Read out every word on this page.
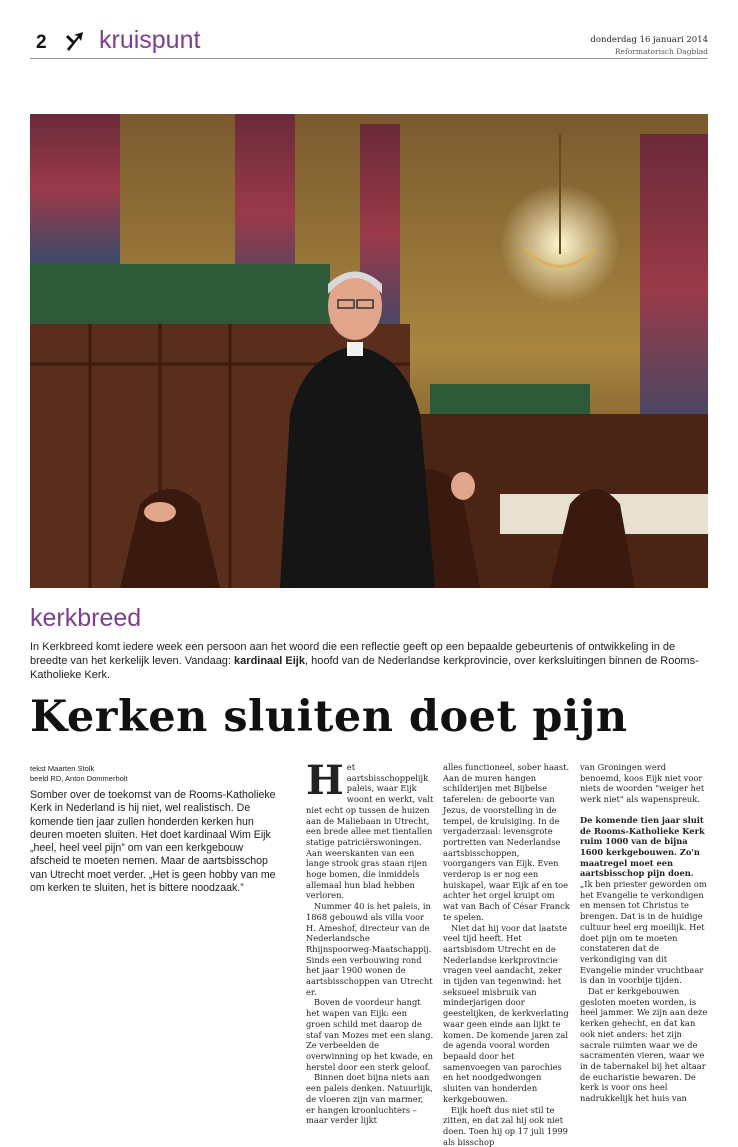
2 kruispunt	donderdag 16 januari 2014
Reformatorisch Dagblad
kerkbreed
In Kerkbreed komt iedere week een persoon aan het woord die een reflectie geeft op een bepaalde gebeurtenis of ontwikkeling in de breedte van het kerkelijk leven. Vandaag: kardinaal Eijk, hoofd van de Nederlandse kerkprovincie, over kerksluitingen binnen de Rooms-Katholieke Kerk.
Kerken sluiten doet pijn
tekst Maarten Stolk
beeld RD, Anton Dommerholt
Somber over de toekomst van de Rooms-Katholieke Kerk in Nederland is hij niet, wel realistisch. De komende tien jaar zullen honderden kerken hun deuren moeten sluiten. Het doet kardinaal Wim Eijk „heel, heel veel pijn” om van een kerkgebouw afscheid te moeten nemen. Maar de aartsbisschop van Utrecht moet verder. „Het is geen hobby van me om kerken te sluiten, het is bittere noodzaak.”

Het aartsbisschoppelijk paleis, waar Eijk woont en werkt, valt niet echt op tussen de huizen aan de Maliebaan in Utrecht, een brede allee met tientallen statige patriciërswoningen. Aan weerskanten van een lange strook gras staan rijen hoge bomen, die inmiddels allemaal hun blad hebben verloren.

Nummer 40 is het paleis, in 1868 gebouwd als villa voor H. Ameshof, directeur van de Nederlandsche Rhijnspoorweg-Maatschappij. Sinds een verbouwing rond het jaar 1900 wonen de aartsbisschoppen van Utrecht er.

Boven de voordeur hangt het wapen van Eijk: een groen schild met daarop de staf van Mozes met een slang. Ze verbeelden de overwinning op het kwade, en herstel door een sterk geloof.

Binnen doet bijna niets aan een paleis denken. Natuurlijk, de vloeren zijn van marmer, er hangen kroonluchters – maar verder lijkt

alles functioneel, sober haast. Aan de muren hangen schilderijen met Bijbelse taferelen: de geboorte van Jezus, de voorstelling in de tempel, de kruisiging. In de vergaderzaal: levensgrote portretten van Nederlandse aartsbisschoppen, voorgangers van Eijk. Even verderop is er nog een huiskapel, waar Eijk af en toe achter het orgel kruipt om wat van Bach of César Franck te spelen.

Niet dat hij voor dat laatste veel tijd heeft. Het aartsbisdom Utrecht en de Nederlandse kerkprovincie vragen veel aandacht, zeker in tijden van tegenwind: het seksueel misbruik van minderjarigen door geestelijken, de kerkverlating waar geen einde aan lijkt te komen. De komende jaren zal de agenda vooral worden bepaald door het samenvoegen van parochies en het noodgedwongen sluiten van honderden kerkgebouwen.

Eijk hoeft dus niet stil te zitten, en dat zal hij ook niet doen. Toen hij op 17 juli 1999 als bisschop

van Groningen werd benoemd, koos Eijk niet voor niets de woorden "weiger het werk niet" als wapenspreuk.

De komende tien jaar sluit de Rooms-Katholieke Kerk ruim 1000 van de bijna 1600 kerkgebouwen. Zo'n maatregel moet een aartsbisschop pijn doen.

„Ik ben priester geworden om het Evangelie te verkondigen en mensen tot Christus te brengen. Dat is in de huidige cultuur heel erg moeilijk. Het doet pijn om te moeten constateren dat de verkondiging van dit Evangelie minder vruchtbaar is dan in voorbije tijden.

Dat er kerkgebouwen gesloten moeten worden, is heel jammer. We zijn aan deze kerken gehecht, en dat kan ook niet anders: het zijn sacrale ruimten waar we de sacramenten vieren, waar we in de tabernakel bij het altaar de eucharistie bewaren. De kerk is voor ons heel nadrukkelijk het huis van
